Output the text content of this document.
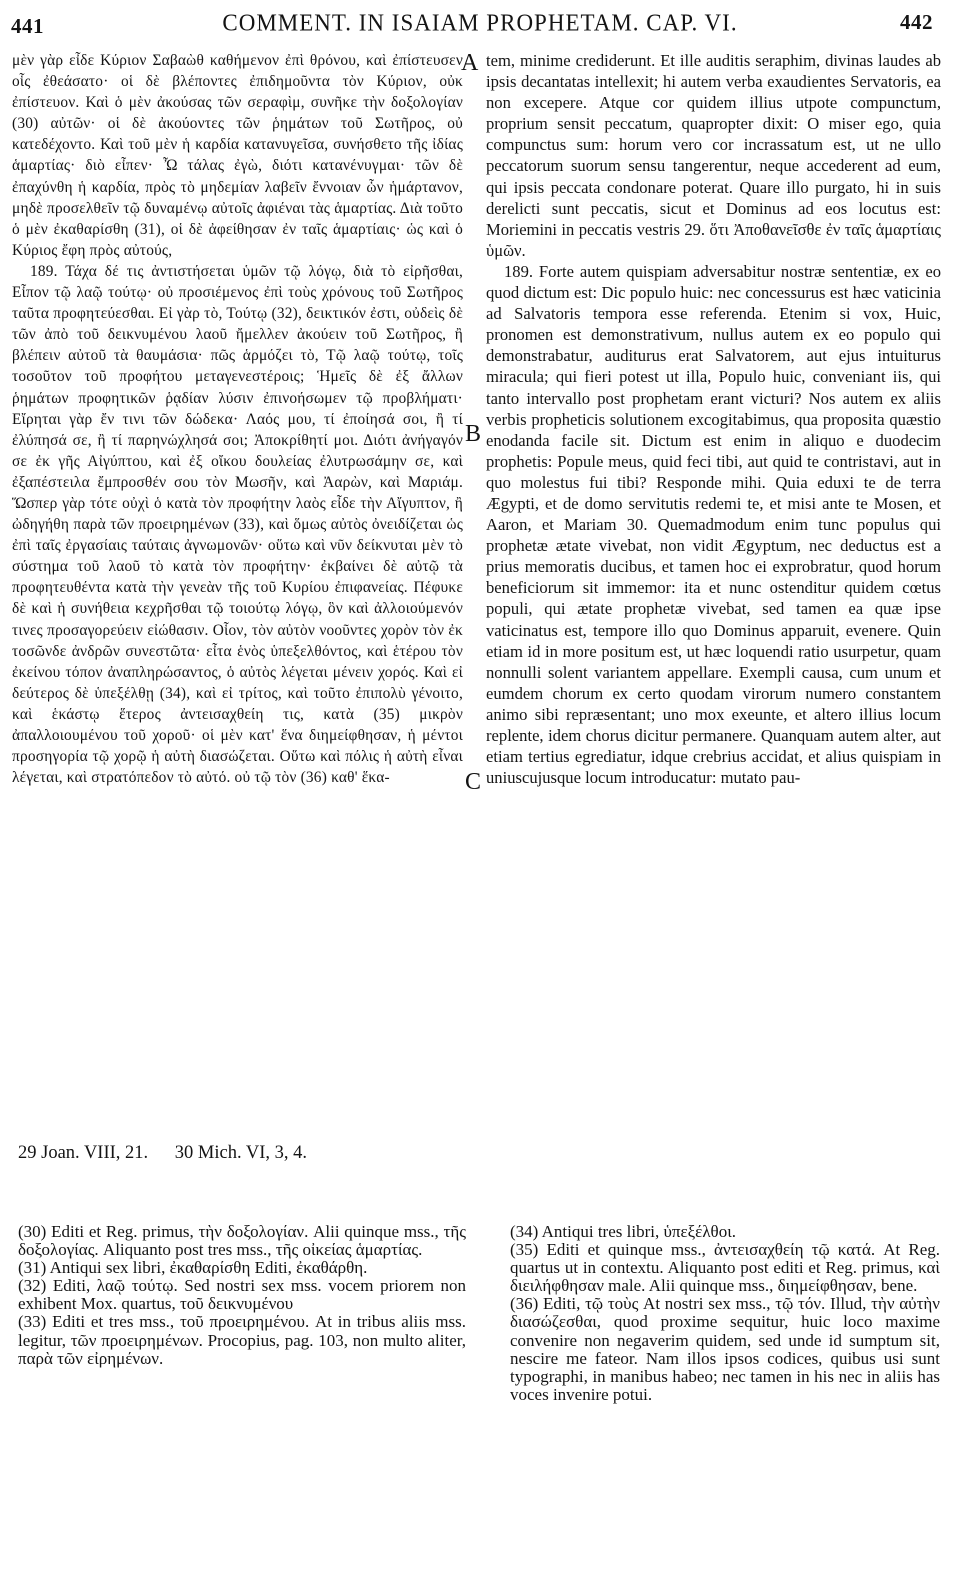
441	COMMENT. IN ISAIAM PROPHETAM. CAP. VI.	442

μὲν γὰρ εἶδε Κύριον Σαβαὼθ καθήμενον ἐπὶ θρόνου, καὶ ἐπίστευσεν οἷς ἐθεάσατο· οἱ δὲ βλέποντες ἐπιδημοῦντα τὸν Κύριον, οὐκ ἐπίστευον. Καὶ ὁ μὲν ἀκούσας τῶν σεραφὶμ, συνῆκε τὴν δοξολογίαν (30) αὐτῶν· οἱ δὲ ἀκούοντες τῶν ῥημάτων τοῦ Σωτῆρος, οὐ κατεδέχοντο. Καὶ τοῦ μὲν ἡ καρδία κατανυγεῖσα, συνήσθετο τῆς ἰδίας ἁμαρτίας· διὸ εἶπεν· Ὦ τάλας ἐγὼ, διότι κατανένυγμαι· τῶν δὲ ἐπαχύνθη ἡ καρδία, πρὸς τὸ μηδεμίαν λαβεῖν ἔννοιαν ὧν ἡμάρτανον, μηδὲ προσελθεῖν τῷ δυναμένῳ αὐτοῖς ἀφιέναι τὰς ἁμαρτίας. Διὰ τοῦτο ὁ μὲν ἐκαθαρίσθη (31), οἱ δὲ ἀφείθησαν ἐν ταῖς ἁμαρτίαις· ὡς καὶ ὁ Κύριος ἔφη πρὸς αὐτούς,

189. Τάχα δέ τις ἀντιστήσεται ὑμῶν τῷ λόγῳ, διὰ τὸ εἰρῆσθαι, Εἶπον τῷ λαῷ τούτῳ· οὐ προσιέμενος ἐπὶ τοὺς χρόνους τοῦ Σωτῆρος ταῦτα προφητεύεσθαι. Εἰ γὰρ τὸ, Τούτῳ (32), δεικτικόν ἐστι, οὐδεὶς δὲ τῶν ἀπὸ τοῦ δεικνυμένου λαοῦ ἤμελλεν ἀκούειν τοῦ Σωτῆρος, ἢ βλέπειν αὐτοῦ τὰ θαυμάσια· πῶς ἁρμόζει τὸ, Τῷ λαῷ τούτῳ, τοῖς τοσοῦτον τοῦ προφήτου μεταγενεστέροις; Ἡμεῖς δὲ ἐξ ἄλλων ῥημάτων προφητικῶν ῥᾳδίαν λύσιν ἐπινοήσωμεν τῷ προβλήματι· Εἴρηται γὰρ ἔν τινι τῶν δώδεκα· Λαός μου, τί ἐποίησά σοι, ἢ τί ἐλύπησά σε, ἢ τί παρηνώχλησά σοι; Ἀποκρίθητί μοι. Διότι ἀνήγαγόν σε ἐκ γῆς Αἰγύπτου, καὶ ἐξ οἴκου δουλείας ἐλυτρωσάμην σε, καὶ ἐξαπέστειλα ἔμπροσθέν σου τὸν Μωσῆν, καὶ Ἀαρὼν, καὶ Μαριάμ. Ὥσπερ γὰρ τότε οὐχὶ ὁ κατὰ τὸν προφήτην λαὸς εἶδε τὴν Αἴγυπτον, ἢ ὠδηγήθη παρὰ τῶν προειρημένων (33), καὶ ὅμως αὐτὸς ὀνειδίζεται ὡς ἐπὶ ταῖς ἐργασίαις ταύταις ἀγνωμονῶν· οὕτω καὶ νῦν δείκνυται μὲν τὸ σύστημα τοῦ λαοῦ τὸ κατὰ τὸν προφήτην· ἐκβαίνει δὲ αὐτῷ τὰ προφητευθέντα κατὰ τὴν γενεὰν τῆς τοῦ Κυρίου ἐπιφανείας. Πέφυκε δὲ καὶ ἡ συνήθεια κεχρῆσθαι τῷ τοιούτῳ λόγῳ, ὃν καὶ ἀλλοιούμενόν τινες προσαγορεύειν εἰώθασιν. Οἷον, τὸν αὐτὸν νοοῦντες χορὸν τὸν ἐκ τοσῶνδε ἀνδρῶν συνεστῶτα· εἶτα ἑνὸς ὑπεξελθόντος, καὶ ἑτέρου τὸν ἐκείνου τόπον ἀναπληρώσαντος, ὁ αὐτὸς λέγεται μένειν χορός. Καὶ εἰ δεύτερος δὲ ὑπεξέλθῃ (34), καὶ εἰ τρίτος, καὶ τοῦτο ἐπιπολὺ γένοιτο, καὶ ἑκάστῳ ἕτερος ἀντεισαχθείη τις, κατὰ (35) μικρὸν ἀπαλλοιουμένου τοῦ χοροῦ· οἱ μὲν κατ' ἕνα διημείφθησαν, ἡ μέντοι προσηγορία τῷ χορῷ ἡ αὐτὴ διασώζεται. Οὕτω καὶ πόλις ἡ αὐτὴ εἶναι λέγεται, καὶ στρατόπεδον τὸ αὐτό. οὐ τῷ τὸν (36) καθ' ἕκα-

A
B
C

tem, minime crediderunt. Et ille auditis seraphim, divinas laudes ab ipsis decantatas intellexit; hi autem verba exaudientes Servatoris, ea non excepere. Atque cor quidem illius utpote compunctum, proprium sensit peccatum, quapropter dixit: O miser ego, quia compunctus sum: horum vero cor incrassatum est, ut ne ullo peccatorum suorum sensu tangerentur, neque accederent ad eum, qui ipsis peccata condonare poterat. Quare illo purgato, hi in suis derelicti sunt peccatis, sicut et Dominus ad eos locutus est: Moriemini in peccatis vestris 29. ὅτι Ἀποθανεῖσθε ἐν ταῖς ἁμαρτίαις ὑμῶν.

189. Forte autem quispiam adversabitur nostræ sententiæ, ex eo quod dictum est: Dic populo huic: nec concessurus est hæc vaticinia ad Salvatoris tempora esse referenda. Etenim si vox, Huic, pronomen est demonstrativum, nullus autem ex eo populo qui demonstrabatur, auditurus erat Salvatorem, aut ejus intuiturus miracula; qui fieri potest ut illa, Populo huic, conveniant iis, qui tanto intervallo post prophetam erant victuri? Nos autem ex aliis verbis propheticis solutionem excogitabimus, qua proposita quæstio enodanda facile sit. Dictum est enim in aliquo e duodecim prophetis: Popule meus, quid feci tibi, aut quid te contristavi, aut in quo molestus fui tibi? Responde mihi. Quia eduxi te de terra Ægypti, et de domo servitutis redemi te, et misi ante te Mosen, et Aaron, et Mariam 30. Quemadmodum enim tunc populus qui prophetæ ætate vivebat, non vidit Ægyptum, nec deductus est a prius memoratis ducibus, et tamen hoc ei exprobratur, quod horum beneficiorum sit immemor: ita et nunc ostenditur quidem cœtus populi, qui ætate prophetæ vivebat, sed tamen ea quæ ipse vaticinatus est, tempore illo quo Dominus apparuit, evenere. Quin etiam id in more positum est, ut hæc loquendi ratio usurpetur, quam nonnulli solent variantem appellare. Exempli causa, cum unum et eumdem chorum ex certo quodam virorum numero constantem animo sibi repræsentant; uno mox exeunte, et altero illius locum replente, idem chorus dicitur permanere. Quanquam autem alter, aut etiam tertius egrediatur, idque crebrius accidat, et alius quispiam in uniuscujusque locum introducatur: mutato pau-

29 Joan. VIII, 21. 30 Mich. VI, 3, 4.

(30) Editi et Reg. primus, τὴν δοξολογίαν. Alii quinque mss., τῆς δοξολογίας. Aliquanto post tres mss., τῆς οἰκείας ἁμαρτίας.

(31) Antiqui sex libri, ἐκαθαρίσθη Editi, ἐκαθάρθη.

(32) Editi, λαῷ τούτῳ. Sed nostri sex mss. vocem priorem non exhibent Mox. quartus, τοῦ δεικνυμένου

(33) Editi et tres mss., τοῦ προειρημένου. At in tribus aliis mss. legitur, τῶν προειρημένων. Procopius, pag. 103, non multo aliter, παρὰ τῶν εἰρημένων.

(34) Antiqui tres libri, ὑπεξέλθοι.

(35) Editi et quinque mss., ἀντεισαχθείη τῷ κατά. At Reg. quartus ut in contextu. Aliquanto post editi et Reg. primus, καὶ διειλήφθησαν male. Alii quinque mss., διημείφθησαν, bene.

(36) Editi, τῷ τοὺς At nostri sex mss., τῷ τόν. Illud, τὴν αὐτὴν διασώζεσθαι, quod proxime sequitur, huic loco maxime convenire non negaverim quidem, sed unde id sumptum sit, nescire me fateor. Nam illos ipsos codices, quibus usi sunt typographi, in manibus habeo; nec tamen in his nec in aliis has voces invenire potui.
